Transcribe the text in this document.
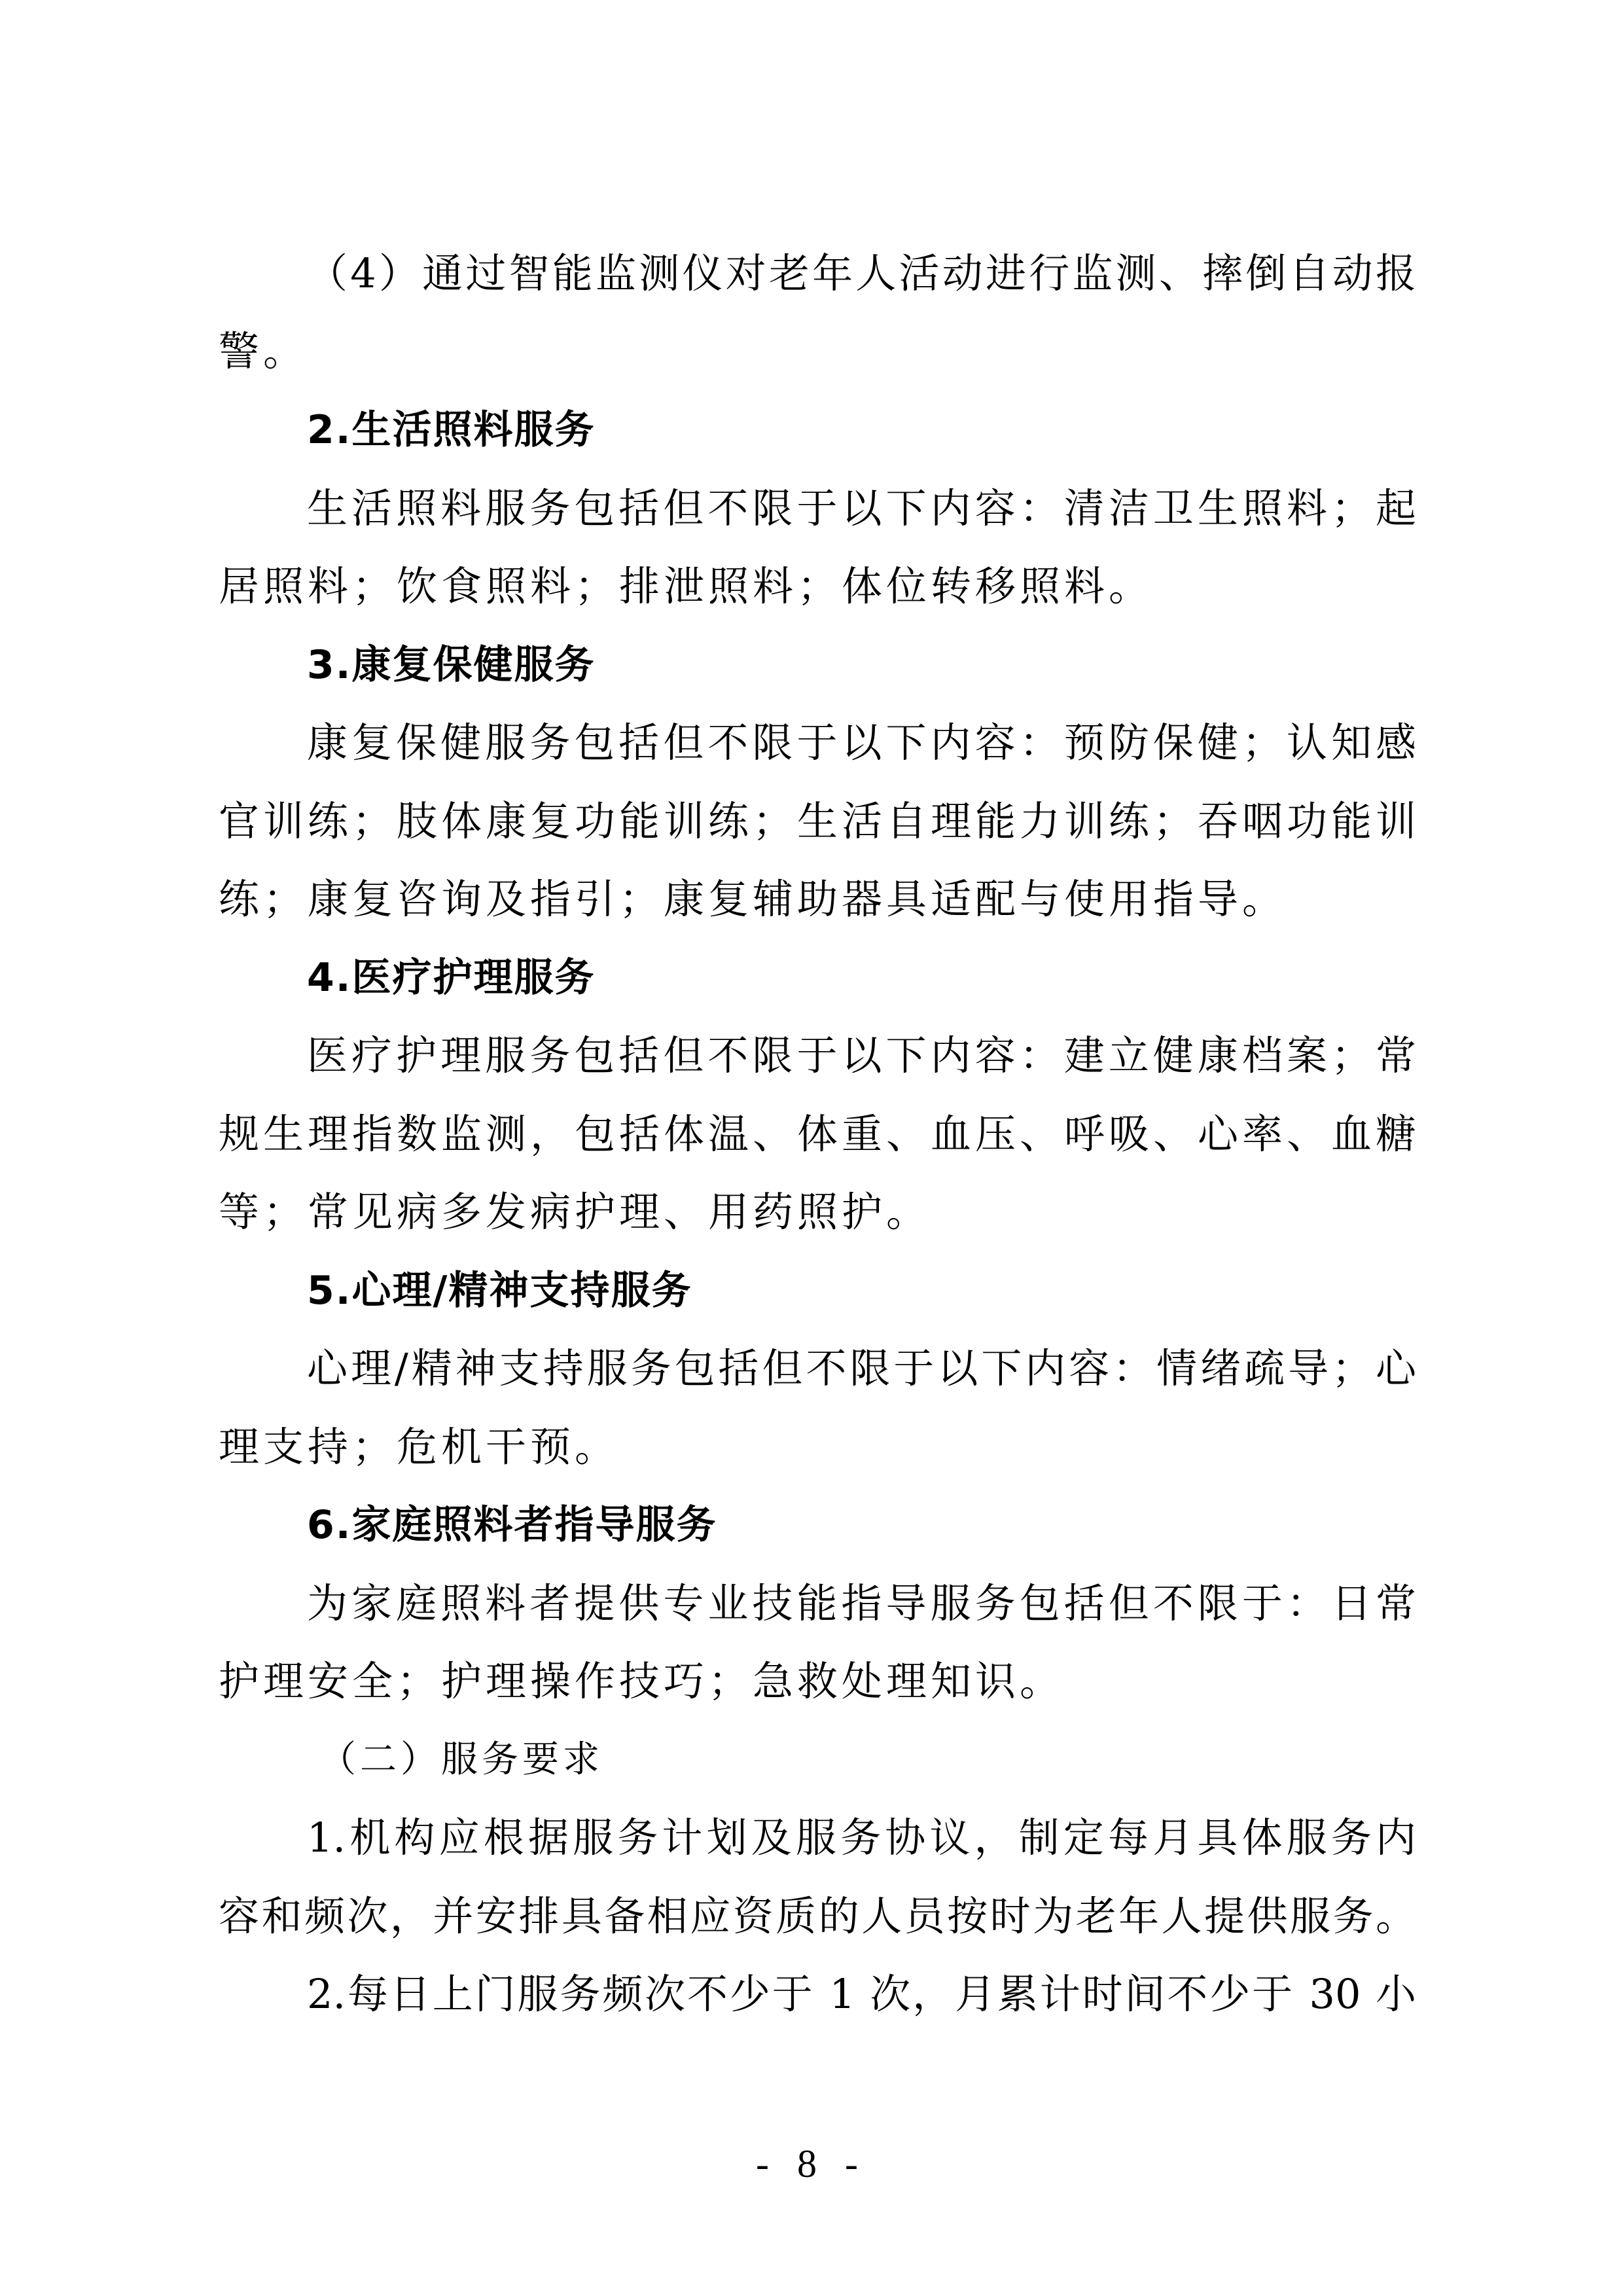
（4）通过智能监测仪对老年人活动进行监测、摔倒自动报
警。
2.生活照料服务
生活照料服务包括但不限于以下内容：清洁卫生照料；起
居照料；饮食照料；排泄照料；体位转移照料。
3.康复保健服务
康复保健服务包括但不限于以下内容：预防保健；认知感
官训练；肢体康复功能训练；生活自理能力训练；吞咽功能训
练；康复咨询及指引；康复辅助器具适配与使用指导。
4.医疗护理服务
医疗护理服务包括但不限于以下内容：建立健康档案；常
规生理指数监测，包括体温、体重、血压、呼吸、心率、血糖
等；常见病多发病护理、用药照护。
5.心理/精神支持服务
心理/精神支持服务包括但不限于以下内容：情绪疏导；心
理支持；危机干预。
6.家庭照料者指导服务
为家庭照料者提供专业技能指导服务包括但不限于：日常
护理安全；护理操作技巧；急救处理知识。
（二）服务要求
1.机构应根据服务计划及服务协议，制定每月具体服务内
容和频次，并安排具备相应资质的人员按时为老年人提供服务。
2.每日上门服务频次不少于 1 次，月累计时间不少于 30 小
- 8 -
